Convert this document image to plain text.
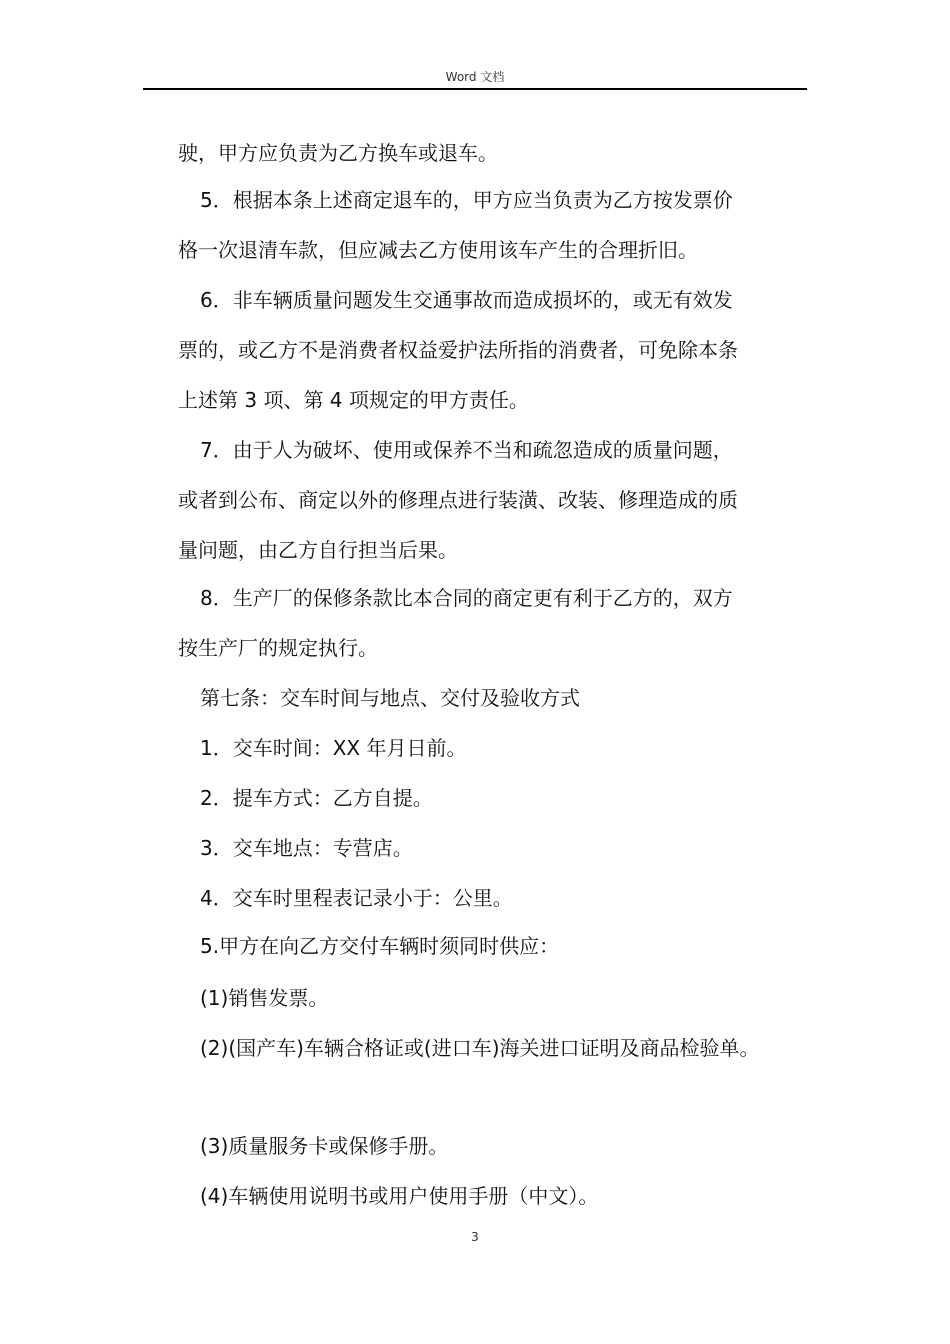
Word 文档
驶，甲方应负责为乙方换车或退车。
5．根据本条上述商定退车的，甲方应当负责为乙方按发票价
格一次退清车款，但应减去乙方使用该车产生的合理折旧。
6．非车辆质量问题发生交通事故而造成损坏的，或无有效发
票的，或乙方不是消费者权益爱护法所指的消费者，可免除本条
上述第 3 项、第 4 项规定的甲方责任。
7．由于人为破坏、使用或保养不当和疏忽造成的质量问题，
或者到公布、商定以外的修理点进行装潢、改装、修理造成的质
量问题，由乙方自行担当后果。
8．生产厂的保修条款比本合同的商定更有利于乙方的，双方
按生产厂的规定执行。
第七条：交车时间与地点、交付及验收方式
1．交车时间：XX 年月日前。
2．提车方式：乙方自提。
3．交车地点：专营店。
4．交车时里程表记录小于：公里。
5.甲方在向乙方交付车辆时须同时供应：
(1)销售发票。
(2)(国产车)车辆合格证或(进口车)海关进口证明及商品检验单。
(3)质量服务卡或保修手册。
(4)车辆使用说明书或用户使用手册（中文）。
3
